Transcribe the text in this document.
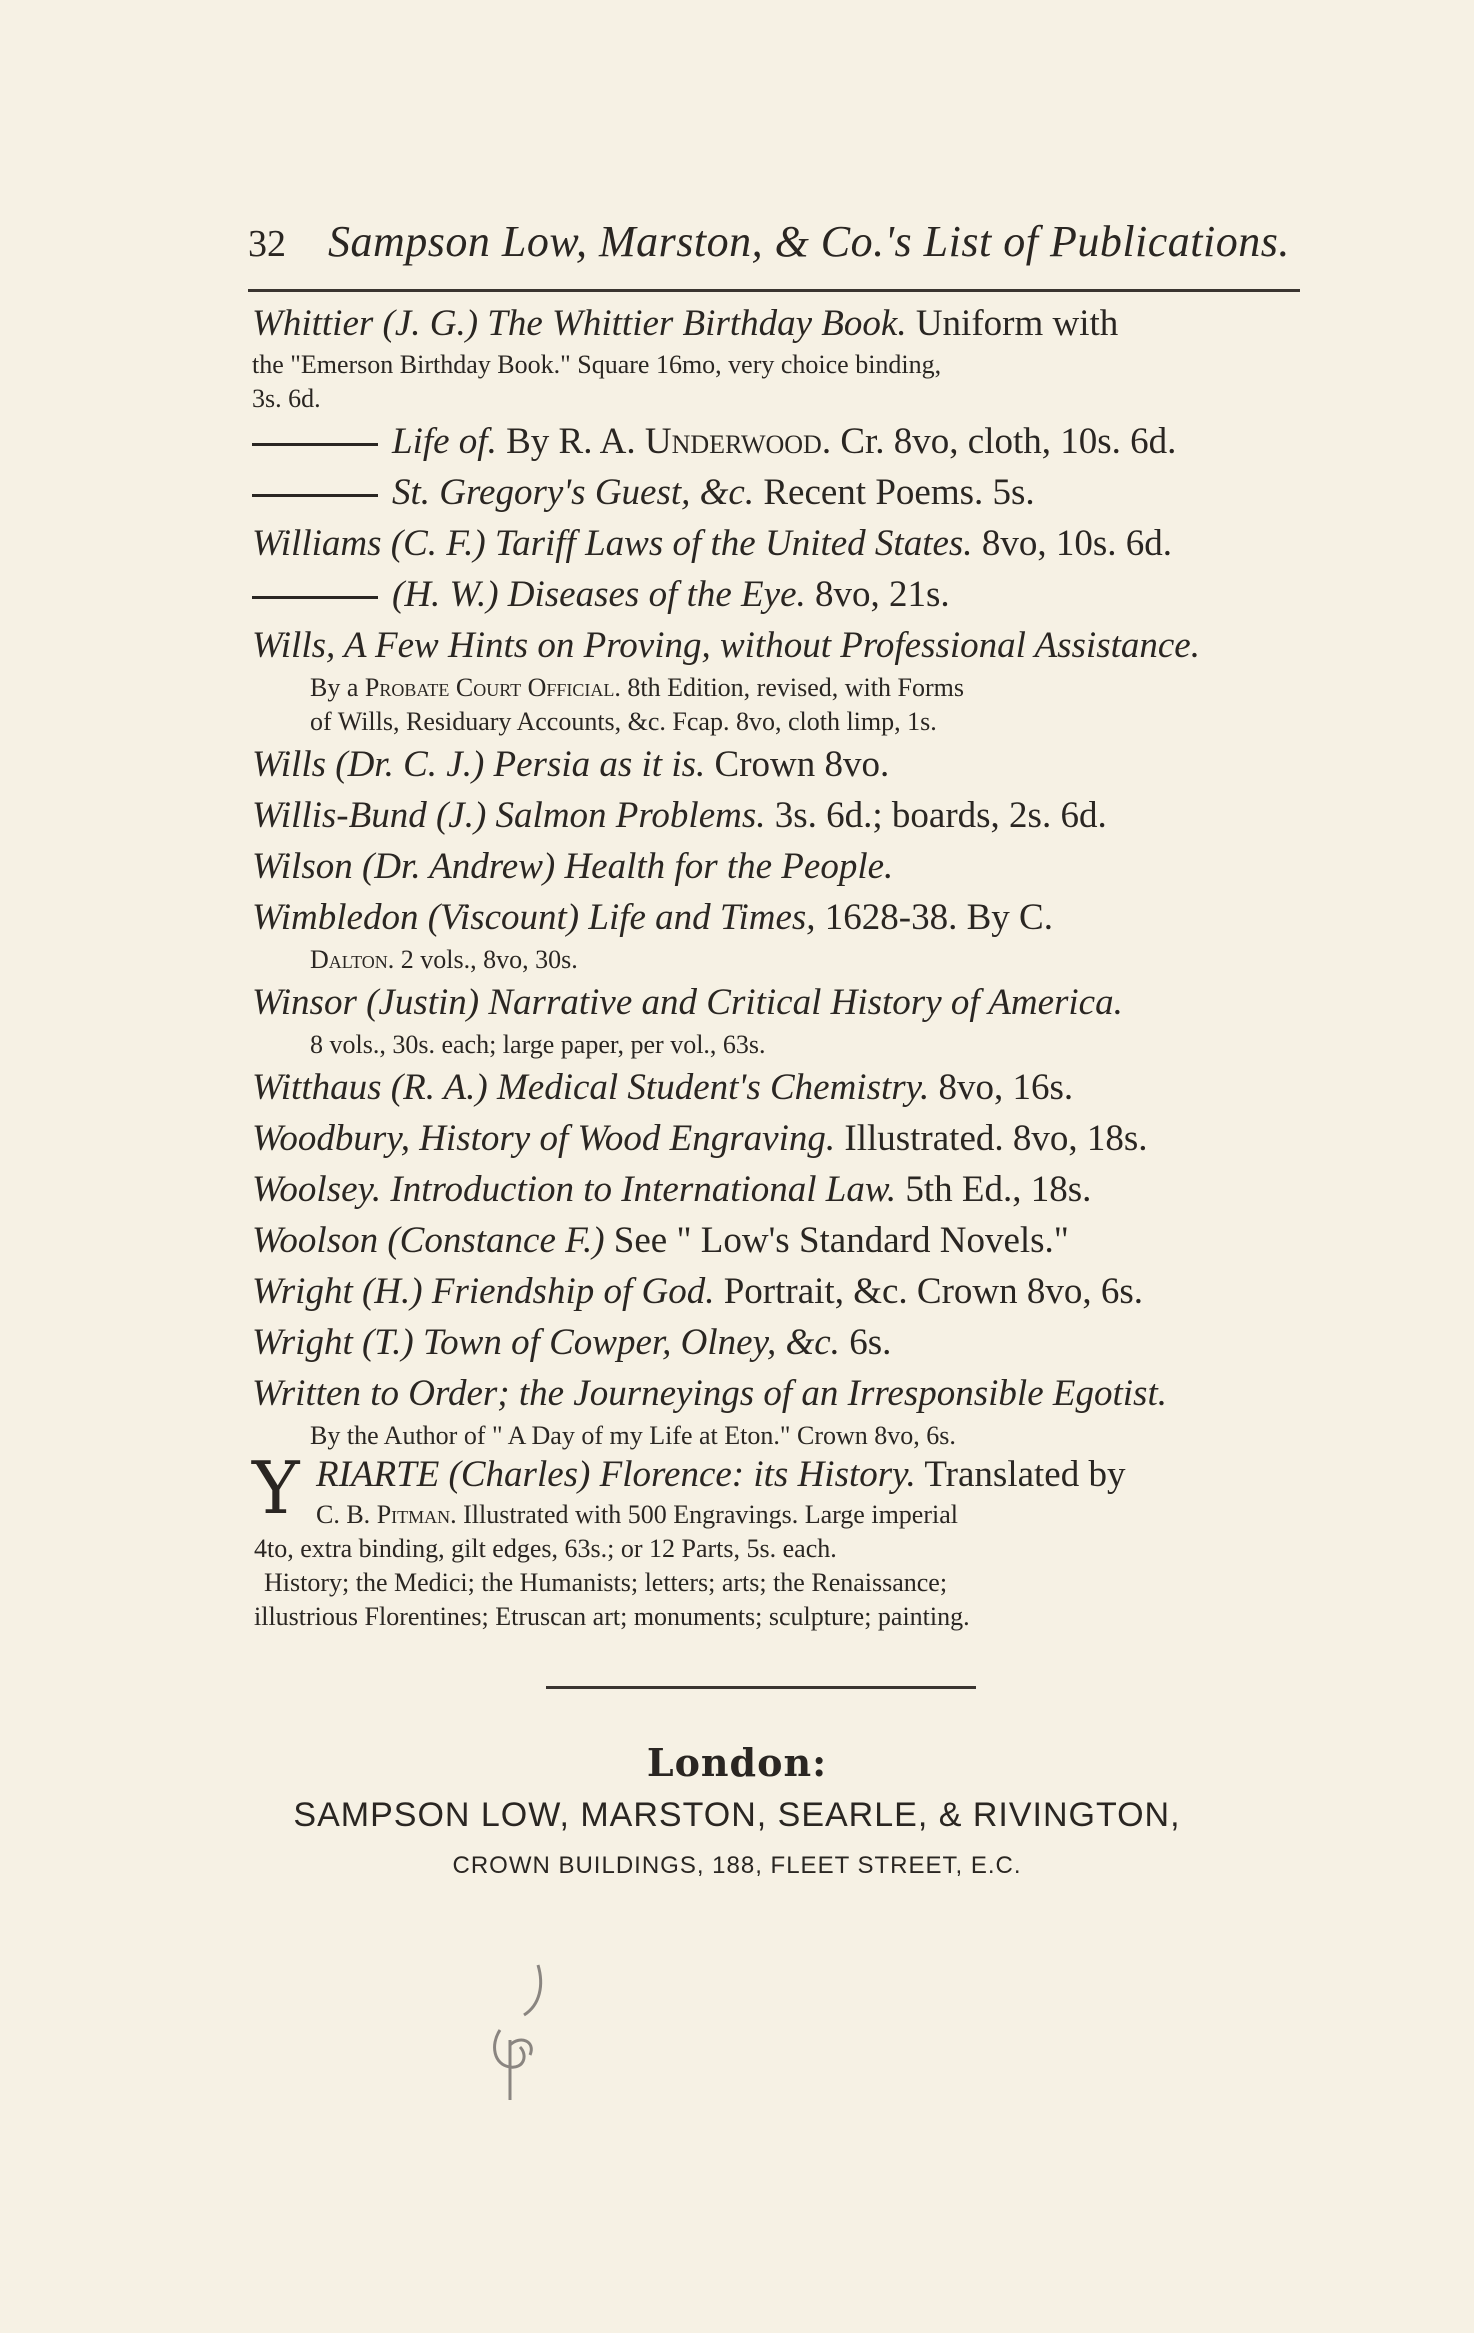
32 Sampson Low, Marston, & Co.'s List of Publications.
Whittier (J. G.) The Whittier Birthday Book. Uniform with
the "Emerson Birthday Book." Square 16mo, very choice binding,
3s. 6d.
Life of. By R. A. Underwood. Cr. 8vo, cloth, 10s. 6d.
St. Gregory's Guest, &c. Recent Poems. 5s.
Williams (C. F.) Tariff Laws of the United States. 8vo, 10s. 6d.
(H. W.) Diseases of the Eye. 8vo, 21s.
Wills, A Few Hints on Proving, without Professional Assistance.
By a Probate Court Official. 8th Edition, revised, with Forms
of Wills, Residuary Accounts, &c. Fcap. 8vo, cloth limp, 1s.
Wills (Dr. C. J.) Persia as it is. Crown 8vo.
Willis-Bund (J.) Salmon Problems. 3s. 6d.; boards, 2s. 6d.
Wilson (Dr. Andrew) Health for the People.
Wimbledon (Viscount) Life and Times, 1628-38. By C.
Dalton. 2 vols., 8vo, 30s.
Winsor (Justin) Narrative and Critical History of America.
8 vols., 30s. each; large paper, per vol., 63s.
Witthaus (R. A.) Medical Student's Chemistry. 8vo, 16s.
Woodbury, History of Wood Engraving. Illustrated. 8vo, 18s.
Woolsey. Introduction to International Law. 5th Ed., 18s.
Woolson (Constance F.) See " Low's Standard Novels."
Wright (H.) Friendship of God. Portrait, &c. Crown 8vo, 6s.
Wright (T.) Town of Cowper, Olney, &c. 6s.
Written to Order; the Journeyings of an Irresponsible Egotist.
By the Author of " A Day of my Life at Eton." Crown 8vo, 6s.
Y RIARTE (Charles) Florence: its History. Translated by
C. B. Pitman. Illustrated with 500 Engravings. Large imperial
4to, extra binding, gilt edges, 63s.; or 12 Parts, 5s. each.
History; the Medici; the Humanists; letters; arts; the Renaissance;
illustrious Florentines; Etruscan art; monuments; sculpture; painting.
London:
SAMPSON LOW, MARSTON, SEARLE, & RIVINGTON,
CROWN BUILDINGS, 188, FLEET STREET, E.C.
